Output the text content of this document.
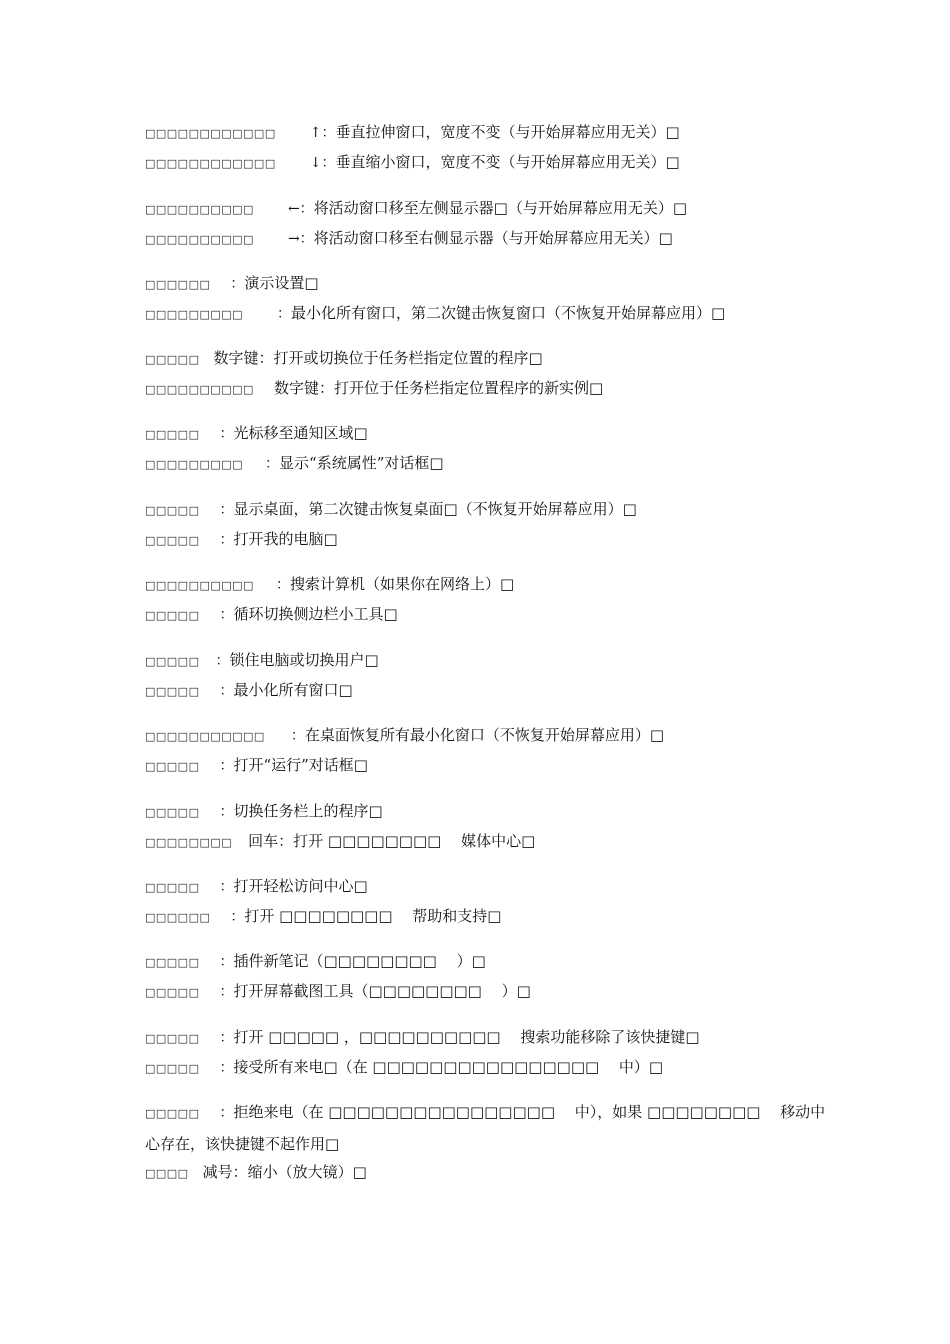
□□□□□□□□□□□□ ↑：垂直拉伸窗口，宽度不变（与开始屏幕应用无关）□
□□□□□□□□□□□□ ↓：垂直缩小窗口，宽度不变（与开始屏幕应用无关）□
□□□□□□□□□□ ←：将活动窗口移至左侧显示器□（与开始屏幕应用无关）□
□□□□□□□□□□ →：将活动窗口移至右侧显示器（与开始屏幕应用无关）□
□□□□□□ ：演示设置□
□□□□□□□□□ ：最小化所有窗口，第二次键击恢复窗口（不恢复开始屏幕应用）□
□□□□□ 数字键：打开或切换位于任务栏指定位置的程序□
□□□□□□□□□□ 数字键：打开位于任务栏指定位置程序的新实例□
□□□□□ ：光标移至通知区域□
□□□□□□□□□ ：显示“系统属性”对话框□
□□□□□ ：显示桌面，第二次键击恢复桌面□（不恢复开始屏幕应用）□
□□□□□ ：打开我的电脑□
□□□□□□□□□□ ：搜索计算机（如果你在网络上）□
□□□□□ ：循环切换侧边栏小工具□
□□□□□ ：锁住电脑或切换用户□
□□□□□ ：最小化所有窗口□
□□□□□□□□□□□ ：在桌面恢复所有最小化窗口（不恢复开始屏幕应用）□
□□□□□ ：打开“运行”对话框□
□□□□□ ：切换任务栏上的程序□
□□□□□□□□ 回车：打开 □□□□□□□□ 　媒体中心□
□□□□□ ：打开轻松访问中心□
□□□□□□ ：打开 □□□□□□□□ 　帮助和支持□
□□□□□ ：插件新笔记（□□□□□□□□ 　）□
□□□□□ ：打开屏幕截图工具（□□□□□□□□ 　）□
□□□□□ ：打开 □□□□□ ，□□□□□□□□□□ 　搜索功能移除了该快捷键□
□□□□□ ：接受所有来电□（在 □□□□□□□□□□□□□□□□ 　中）□
□□□□□ ：拒绝来电（在 □□□□□□□□□□□□□□□□ 　中），如果 □□□□□□□□ 　移动中心存在，该快捷键不起作用□
□□□□ 减号：缩小（放大镜）□
